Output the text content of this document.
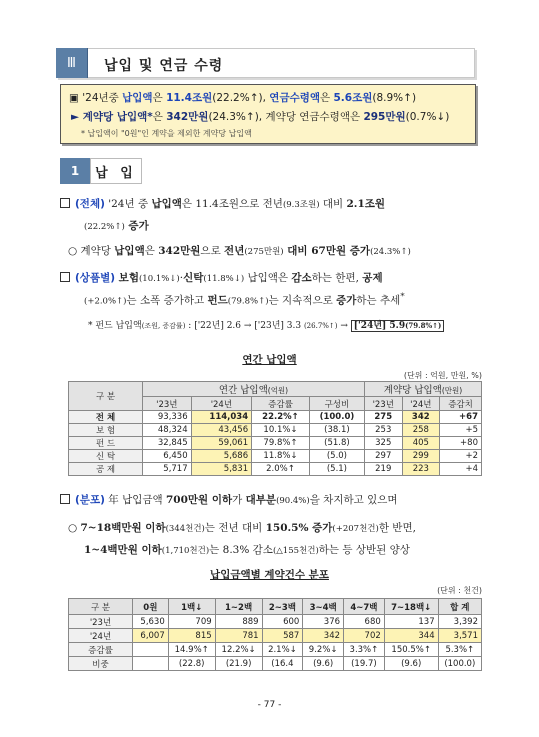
Ⅲ	납입 및 연금 수령
▣ '24년중 납입액은 11.4조원(22.2%↑), 연금수령액은 5.6조원(8.9%↑)
► 계약당 납입액*은 342만원(24.3%↑), 계약당 연금수령액은 295만원(0.7%↓)
* 납입액이 "0원"인 계약을 제외한 계약당 납입액
1	납 입
(전체) '24년 중 납입액은 11.4조원으로 전년(9.3조원) 대비 2.1조원
(22.2%↑) 증가
○ 계약당 납입액은 342만원으로 전년(275만원) 대비 67만원 증가(24.3%↑)
(상품별) 보험(10.1%↓)·신탁(11.8%↓) 납입액은 감소하는 한편, 공제
(+2.0%↑)는 소폭 증가하고 펀드(79.8%↑)는 지속적으로 증가하는 추세*
* 펀드 납입액(조원, 증감률) : ['22년] 2.6 → ['23년] 3.3 (26.7%↑) → ['24년] 5.9(79.8%↑)
연간 납입액
(단위 : 억원, 만원, %)
구 분	연간 납입액(억원)				계약당 납입액(만원)		
	'23년	'24년	증감률	구성비	'23년	'24년	증감치
전 체	93,336	114,034	22.2%↑	(100.0)	275	342	+67
보 험	48,324	43,456	10.1%↓	(38.1)	253	258	+5
펀 드	32,845	59,061	79.8%↑	(51.8)	325	405	+80
신 탁	6,450	5,686	11.8%↓	(5.0)	297	299	+2
공 제	5,717	5,831	2.0%↑	(5.1)	219	223	+4
(분포) 年 납입금액 700만원 이하가 대부분(90.4%)을 차지하고 있으며
○ 7~18백만원 이하(344천건)는 전년 대비 150.5% 증가(+207천건)한 반면,
1~4백만원 이하(1,710천건)는 8.3% 감소(△155천건)하는 등 상반된 양상
납입금액별 계약건수 분포
(단위 : 천건)
구 분	0원	1백↓	1~2백	2~3백	3~4백	4~7백	7~18백↓	합 계
'23년	5,630	709	889	600	376	680	137	3,392
'24년	6,007	815	781	587	342	702	344	3,571
증감률		14.9%↑	12.2%↓	2.1%↓	9.2%↓	3.3%↑	150.5%↑	5.3%↑
비중		(22.8)	(21.9)	(16.4	(9.6)	(19.7)	(9.6)	(100.0)
- 77 -
